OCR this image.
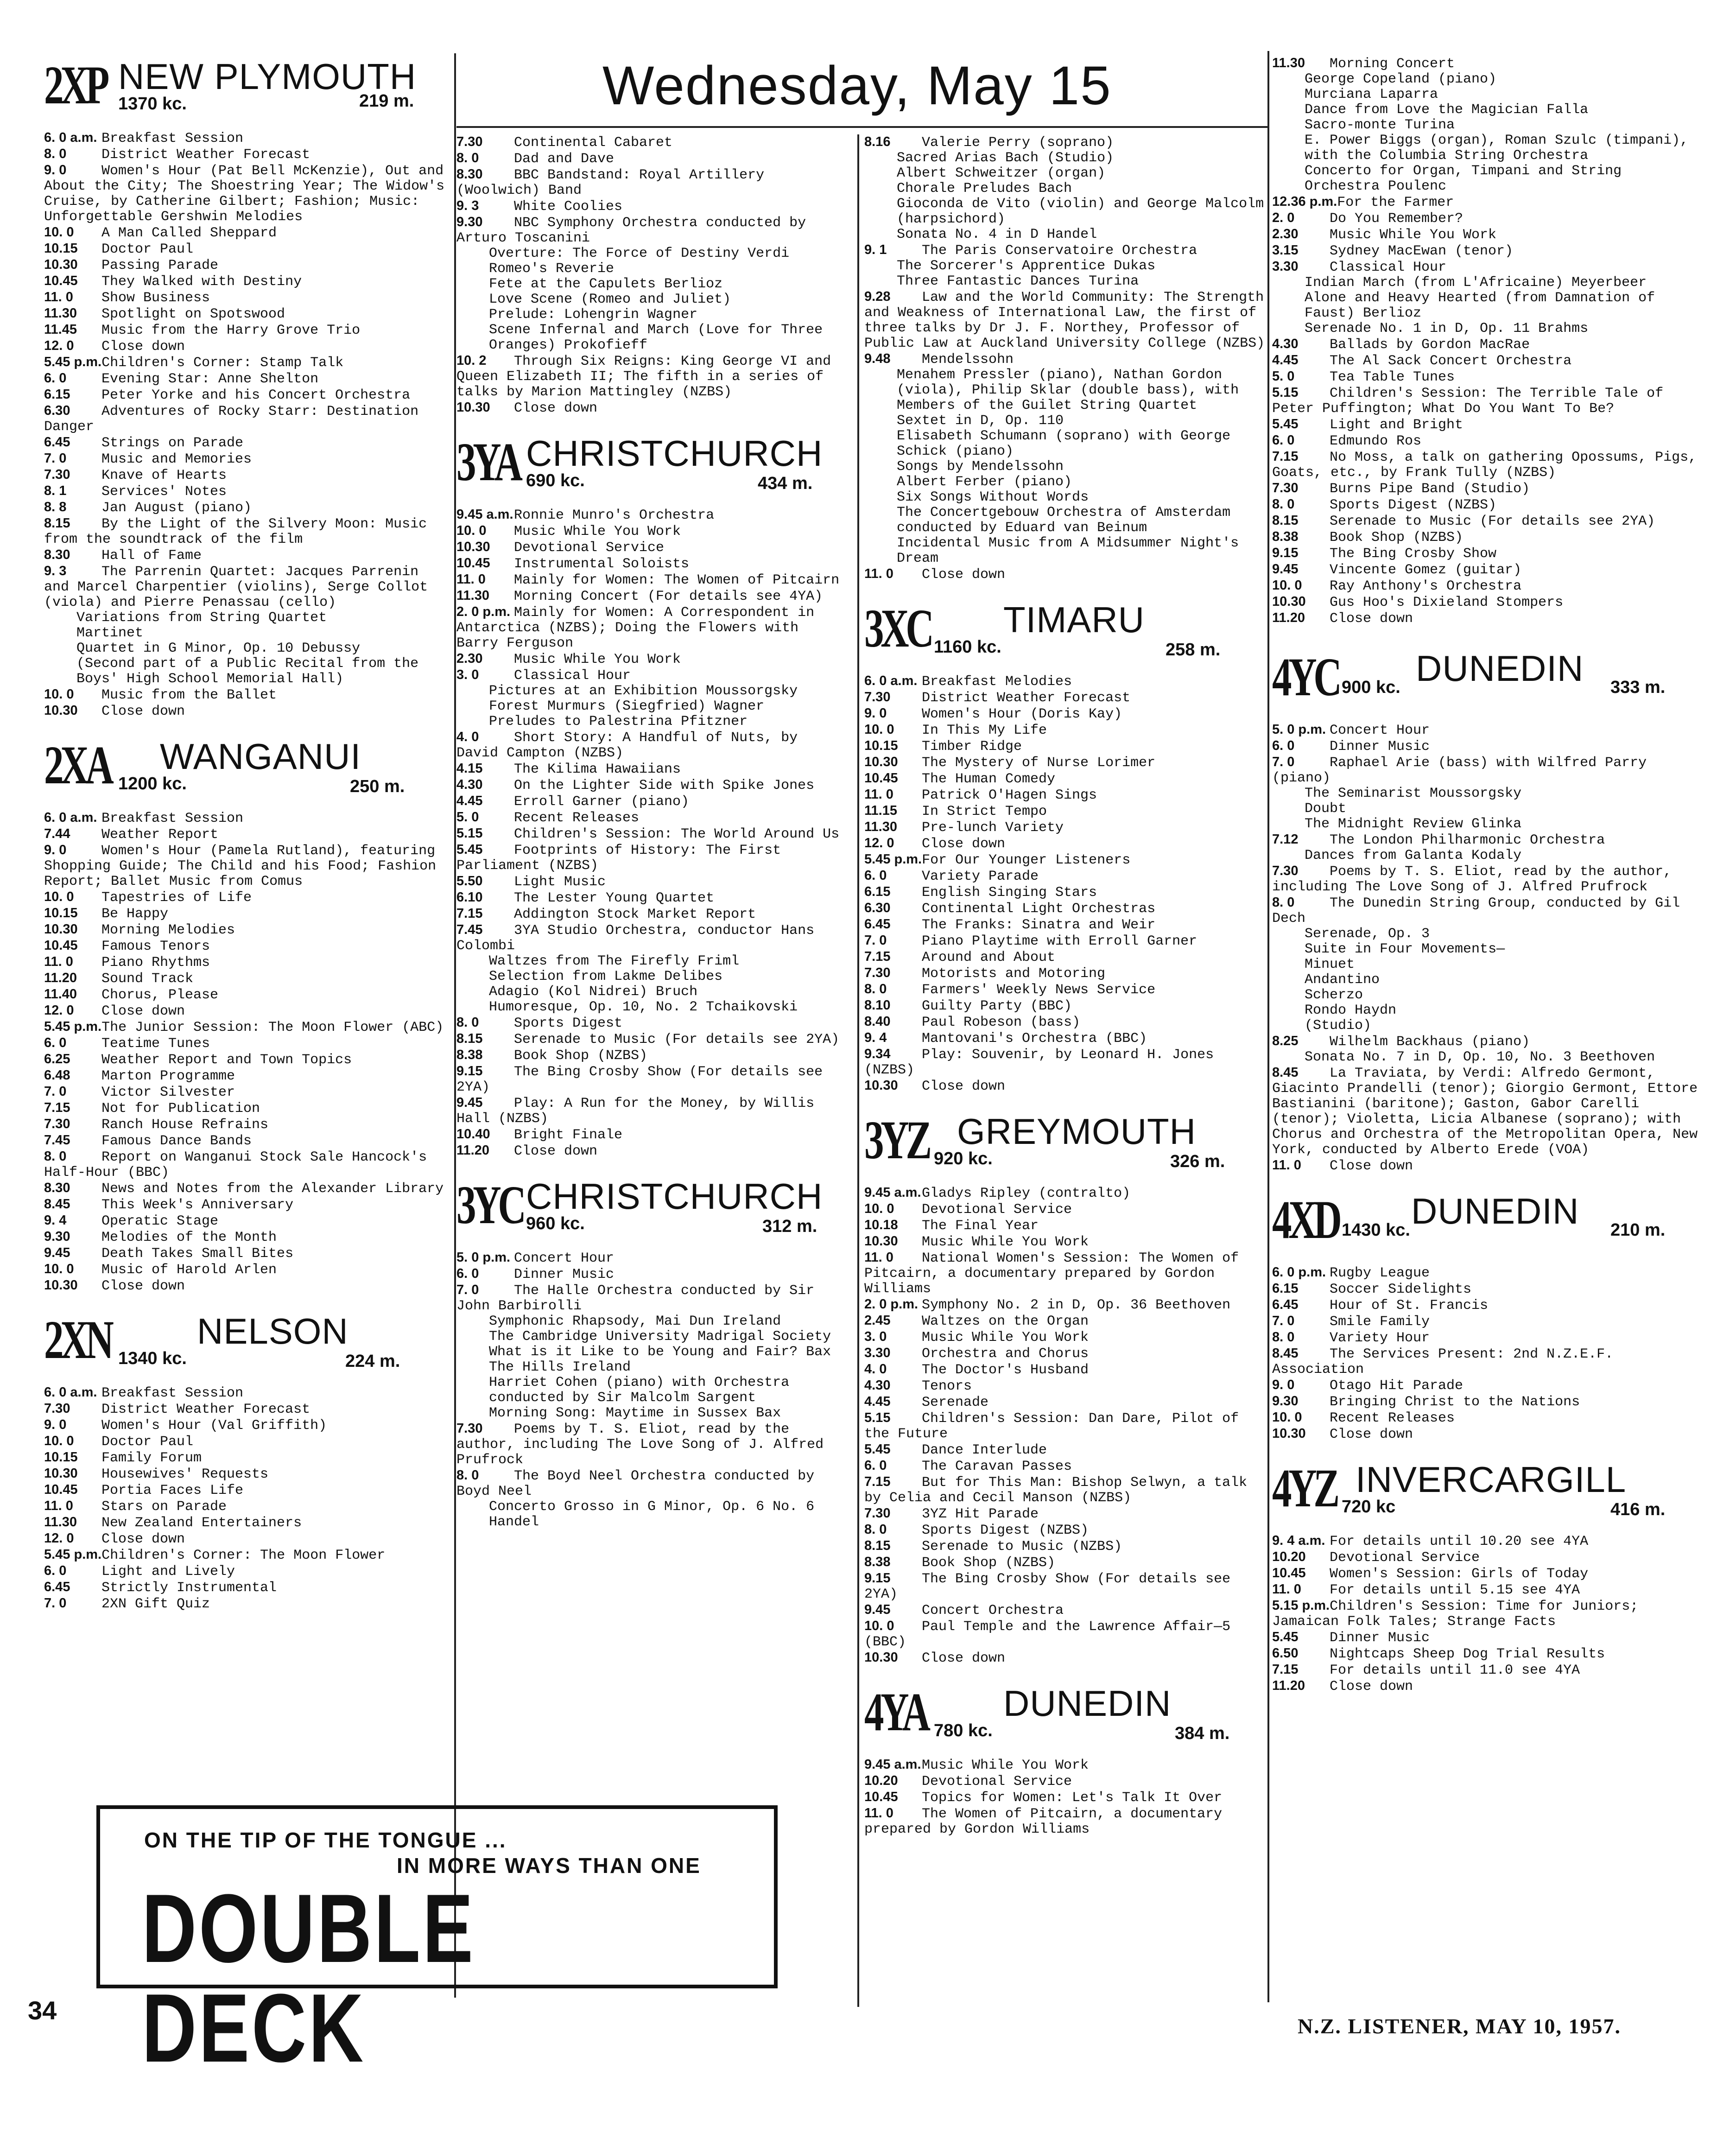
Wednesday, May 15
2XP NEW PLYMOUTH
1370 kc.	219 m.
6. 0 a.m. Breakfast Session
8. 0	District Weather Forecast
9. 0	Women's Hour (Pat Bell McKenzie), Out and About the City; The Shoestring Year; The Widow's Cruise, by Catherine Gilbert; Fashion; Music: Unforgettable Gershwin Melodies
10. 0 A Man Called Sheppard
10.15 Doctor Paul
10.30 Passing Parade
10.45 They Walked with Destiny
11. 0 Show Business
11.30 Spotlight on Spotswood
11.45 Music from the Harry Grove Trio
12. 0 Close down
5.45 p.m.Children's Corner: Stamp Talk
6. 0	Evening Star: Anne Shelton
6.15 Peter Yorke and his Concert Orchestra
6.30 Adventures of Rocky Starr: Destination Danger
6.45 Strings on Parade
7. 0	Music and Memories
7.30 Knave of Hearts
8. 1	Services' Notes
8. 8	Jan August (piano)
8.15 By the Light of the Silvery Moon: Music from the soundtrack of the film
8.30 Hall of Fame
9. 3	The Parrenin Quartet: Jacques Parrenin and Marcel Charpentier (violins), Serge Collot (viola) and Pierre Penassau (cello)
Variations from String Quartet
Martinet
Quartet in G Minor, Op. 10 Debussy
(Second part of a Public Recital from the Boys' High School Memorial Hall)
10. 0 Music from the Ballet
10.30 Close down
2XA WANGANUI
1200 kc.	250 m.
6. 0 a.m. Breakfast Session
7.44 Weather Report
9. 0	Women's Hour (Pamela Rutland), featuring Shopping Guide; The Child and his Food; Fashion Report; Ballet Music from Comus
10. 0 Tapestries of Life
10.15 Be Happy
10.30 Morning Melodies
10.45 Famous Tenors
11. 0 Piano Rhythms
11.20 Sound Track
11.40 Chorus, Please
12. 0 Close down
5.45 p.m.The Junior Session: The Moon Flower (ABC)
6. 0	Teatime Tunes
6.25 Weather Report and Town Topics
6.48 Marton Programme
7. 0	Victor Silvester
7.15 Not for Publication
7.30 Ranch House Refrains
7.45 Famous Dance Bands
8. 0	Report on Wanganui Stock Sale Hancock's Half-Hour (BBC)
8.30 News and Notes from the Alexander Library
8.45 This Week's Anniversary
9. 4	Operatic Stage
9.30 Melodies of the Month
9.45 Death Takes Small Bites
10. 0 Music of Harold Arlen
10.30 Close down
2XN NELSON
1340 kc.	224 m.
6. 0 a.m. Breakfast Session
7.30 District Weather Forecast
9. 0	Women's Hour (Val Griffith)
10. 0 Doctor Paul
10.15 Family Forum
10.30 Housewives' Requests
10.45 Portia Faces Life
11. 0 Stars on Parade
11.30 New Zealand Entertainers
12. 0 Close down
5.45 p.m.Children's Corner: The Moon Flower
6. 0	Light and Lively
6.45 Strictly Instrumental
7. 0	2XN Gift Quiz
7.30 Continental Cabaret
8. 0	Dad and Dave
8.30 BBC Bandstand: Royal Artillery (Woolwich) Band
9. 3	White Coolies
9.30 NBC Symphony Orchestra conducted by Arturo Toscanini
Overture: The Force of Destiny Verdi
Romeo's Reverie
Fete at the Capulets Berlioz
Love Scene (Romeo and Juliet)
Prelude: Lohengrin Wagner
Scene Infernal and March (Love for Three Oranges) Prokofieff
10. 2 Through Six Reigns: King George VI and Queen Elizabeth II; The fifth in a series of talks by Marion Mattingley (NZBS)
10.30 Close down
3YA CHRISTCHURCH
690 kc.	434 m.
9.45 a.m.Ronnie Munro's Orchestra
10. 0 Music While You Work
10.30 Devotional Service
10.45 Instrumental Soloists
11. 0 Mainly for Women: The Women of Pitcairn
11.30 Morning Concert (For details see 4YA)
2. 0 p.m. Mainly for Women: A Correspondent in Antarctica (NZBS); Doing the Flowers with Barry Ferguson
2.30 Music While You Work
3. 0	Classical Hour
Pictures at an Exhibition Moussorgsky
Forest Murmurs (Siegfried) Wagner
Preludes to Palestrina Pfitzner
4. 0	Short Story: A Handful of Nuts, by David Campton (NZBS)
4.15 The Kilima Hawaiians
4.30 On the Lighter Side with Spike Jones
4.45 Erroll Garner (piano)
5. 0	Recent Releases
5.15 Children's Session: The World Around Us
5.45 Footprints of History: The First Parliament (NZBS)
5.50 Light Music
6.10 The Lester Young Quartet
7.15 Addington Stock Market Report
7.45 3YA Studio Orchestra, conductor Hans Colombi
Waltzes from The Firefly Friml
Selection from Lakme Delibes
Adagio (Kol Nidrei) Bruch
Humoresque, Op. 10, No. 2 Tchaikovski
8. 0	Sports Digest
8.15 Serenade to Music (For details see 2YA)
8.38 Book Shop (NZBS)
9.15 The Bing Crosby Show (For details see 2YA)
9.45 Play: A Run for the Money, by Willis Hall (NZBS)
10.40 Bright Finale
11.20 Close down
3YC CHRISTCHURCH
960 kc.	312 m.
5. 0 p.m. Concert Hour
6. 0	Dinner Music
7. 0	The Halle Orchestra conducted by Sir John Barbirolli
Symphonic Rhapsody, Mai Dun Ireland
The Cambridge University Madrigal Society
What is it Like to be Young and Fair? Bax
The Hills Ireland
Harriet Cohen (piano) with Orchestra conducted by Sir Malcolm Sargent
Morning Song: Maytime in Sussex Bax
7.30 Poems by T. S. Eliot, read by the author, including The Love Song of J. Alfred Prufrock
8. 0	The Boyd Neel Orchestra conducted by Boyd Neel
Concerto Grosso in G Minor, Op. 6 No. 6 Handel
8.16 Valerie Perry (soprano)
Sacred Arias Bach (Studio)
Albert Schweitzer (organ)
Chorale Preludes Bach
Gioconda de Vito (violin) and George Malcolm (harpsichord)
Sonata No. 4 in D Handel
9. 1	The Paris Conservatoire Orchestra
The Sorcerer's Apprentice Dukas
Three Fantastic Dances Turina
9.28 Law and the World Community: The Strength and Weakness of International Law, the first of three talks by Dr J. F. Northey, Professor of Public Law at Auckland University College (NZBS)
9.48 Mendelssohn
Menahem Pressler (piano), Nathan Gordon (viola), Philip Sklar (double bass), with Members of the Guilet String Quartet
Sextet in D, Op. 110
Elisabeth Schumann (soprano) with George Schick (piano)
Songs by Mendelssohn
Albert Ferber (piano)
Six Songs Without Words
The Concertgebouw Orchestra of Amsterdam conducted by Eduard van Beinum
Incidental Music from A Midsummer Night's Dream
11. 0 Close down
3XC TIMARU
1160 kc.	258 m.
6. 0 a.m. Breakfast Melodies
7.30 District Weather Forecast
9. 0	Women's Hour (Doris Kay)
10. 0 In This My Life
10.15 Timber Ridge
10.30 The Mystery of Nurse Lorimer
10.45 The Human Comedy
11. 0 Patrick O'Hagen Sings
11.15 In Strict Tempo
11.30 Pre-lunch Variety
12. 0 Close down
5.45 p.m.For Our Younger Listeners
6. 0	Variety Parade
6.15 English Singing Stars
6.30 Continental Light Orchestras
6.45 The Franks: Sinatra and Weir
7. 0	Piano Playtime with Erroll Garner
7.15 Around and About
7.30 Motorists and Motoring
8. 0	Farmers' Weekly News Service
8.10 Guilty Party (BBC)
8.40 Paul Robeson (bass)
9. 4	Mantovani's Orchestra (BBC)
9.34 Play: Souvenir, by Leonard H. Jones (NZBS)
10.30 Close down
3YZ GREYMOUTH
920 kc.	326 m.
9.45 a.m.Gladys Ripley (contralto)
10. 0 Devotional Service
10.18 The Final Year
10.30 Music While You Work
11. 0 National Women's Session: The Women of Pitcairn, a documentary prepared by Gordon Williams
2. 0 p.m. Symphony No. 2 in D, Op. 36 Beethoven
2.45 Waltzes on the Organ
3. 0	Music While You Work
3.30 Orchestra and Chorus
4. 0	The Doctor's Husband
4.30 Tenors
4.45 Serenade
5.15 Children's Session: Dan Dare, Pilot of the Future
5.45 Dance Interlude
6. 0	The Caravan Passes
7.15 But for This Man: Bishop Selwyn, a talk by Celia and Cecil Manson (NZBS)
7.30 3YZ Hit Parade
8. 0	Sports Digest (NZBS)
8.15 Serenade to Music (NZBS)
8.38 Book Shop (NZBS)
9.15 The Bing Crosby Show (For details see 2YA)
9.45 Concert Orchestra
10. 0 Paul Temple and the Lawrence Affair—5 (BBC)
10.30 Close down
4YA DUNEDIN
780 kc.	384 m.
9.45 a.m.Music While You Work
10.20 Devotional Service
10.45 Topics for Women: Let's Talk It Over
11. 0 The Women of Pitcairn, a documentary prepared by Gordon Williams
11.30 Morning Concert
George Copeland (piano)
Murciana Laparra
Dance from Love the Magician Falla
Sacro-monte Turina
E. Power Biggs (organ), Roman Szulc (timpani), with the Columbia String Orchestra
Concerto for Organ, Timpani and String Orchestra Poulenc
12.36 p.m.For the Farmer
2. 0	Do You Remember?
2.30 Music While You Work
3.15 Sydney MacEwan (tenor)
3.30 Classical Hour
Indian March (from L'Africaine) Meyerbeer
Alone and Heavy Hearted (from Damnation of Faust) Berlioz
Serenade No. 1 in D, Op. 11 Brahms
4.30 Ballads by Gordon MacRae
4.45 The Al Sack Concert Orchestra
5. 0	Tea Table Tunes
5.15 Children's Session: The Terrible Tale of Peter Puffington; What Do You Want To Be?
5.45 Light and Bright
6. 0	Edmundo Ros
7.15 No Moss, a talk on gathering Opossums, Pigs, Goats, etc., by Frank Tully (NZBS)
7.30 Burns Pipe Band (Studio)
8. 0	Sports Digest (NZBS)
8.15 Serenade to Music (For details see 2YA)
8.38 Book Shop (NZBS)
9.15 The Bing Crosby Show
9.45 Vincente Gomez (guitar)
10. 0 Ray Anthony's Orchestra
10.30 Gus Hoo's Dixieland Stompers
11.20 Close down
4YC 900 kc. DUNEDIN 333 m.
5. 0 p.m. Concert Hour
6. 0	Dinner Music
7. 0	Raphael Arie (bass) with Wilfred Parry (piano)
The Seminarist Moussorgsky
Doubt
The Midnight Review Glinka
7.12 The London Philharmonic Orchestra
Dances from Galanta Kodaly
7.30 Poems by T. S. Eliot, read by the author, including The Love Song of J. Alfred Prufrock
8. 0	The Dunedin String Group, conducted by Gil Dech
Serenade, Op. 3
Suite in Four Movements—
Minuet
Andantino
Scherzo
Rondo Haydn
(Studio)
8.25 Wilhelm Backhaus (piano)
Sonata No. 7 in D, Op. 10, No. 3 Beethoven
8.45 La Traviata, by Verdi: Alfredo Germont, Giacinto Prandelli (tenor); Giorgio Germont, Ettore Bastianini (baritone); Gaston, Gabor Carelli (tenor); Violetta, Licia Albanese (soprano); with Chorus and Orchestra of the Metropolitan Opera, New York, conducted by Alberto Erede (VOA)
11. 0 Close down
4XD 1430 kc. DUNEDIN 210 m.
6. 0 p.m. Rugby League
6.15 Soccer Sidelights
6.45 Hour of St. Francis
7. 0	Smile Family
8. 0	Variety Hour
8.45 The Services Present: 2nd N.Z.E.F. Association
9. 0	Otago Hit Parade
9.30 Bringing Christ to the Nations
10. 0 Recent Releases
10.30 Close down
4YZ INVERCARGILL
720 kc	416 m.
9. 4 a.m. For details until 10.20 see 4YA
10.20 Devotional Service
10.45 Women's Session: Girls of Today
11. 0 For details until 5.15 see 4YA
5.15 p.m.Children's Session: Time for Juniors; Jamaican Folk Tales; Strange Facts
5.45 Dinner Music
6.50 Nightcaps Sheep Dog Trial Results
7.15 For details until 11.0 see 4YA
11.20 Close down
ON THE TIP OF THE TONGUE ...
IN MORE WAYS THAN ONE
DOUBLE DECK
34
N.Z. LISTENER, MAY 10, 1957.
